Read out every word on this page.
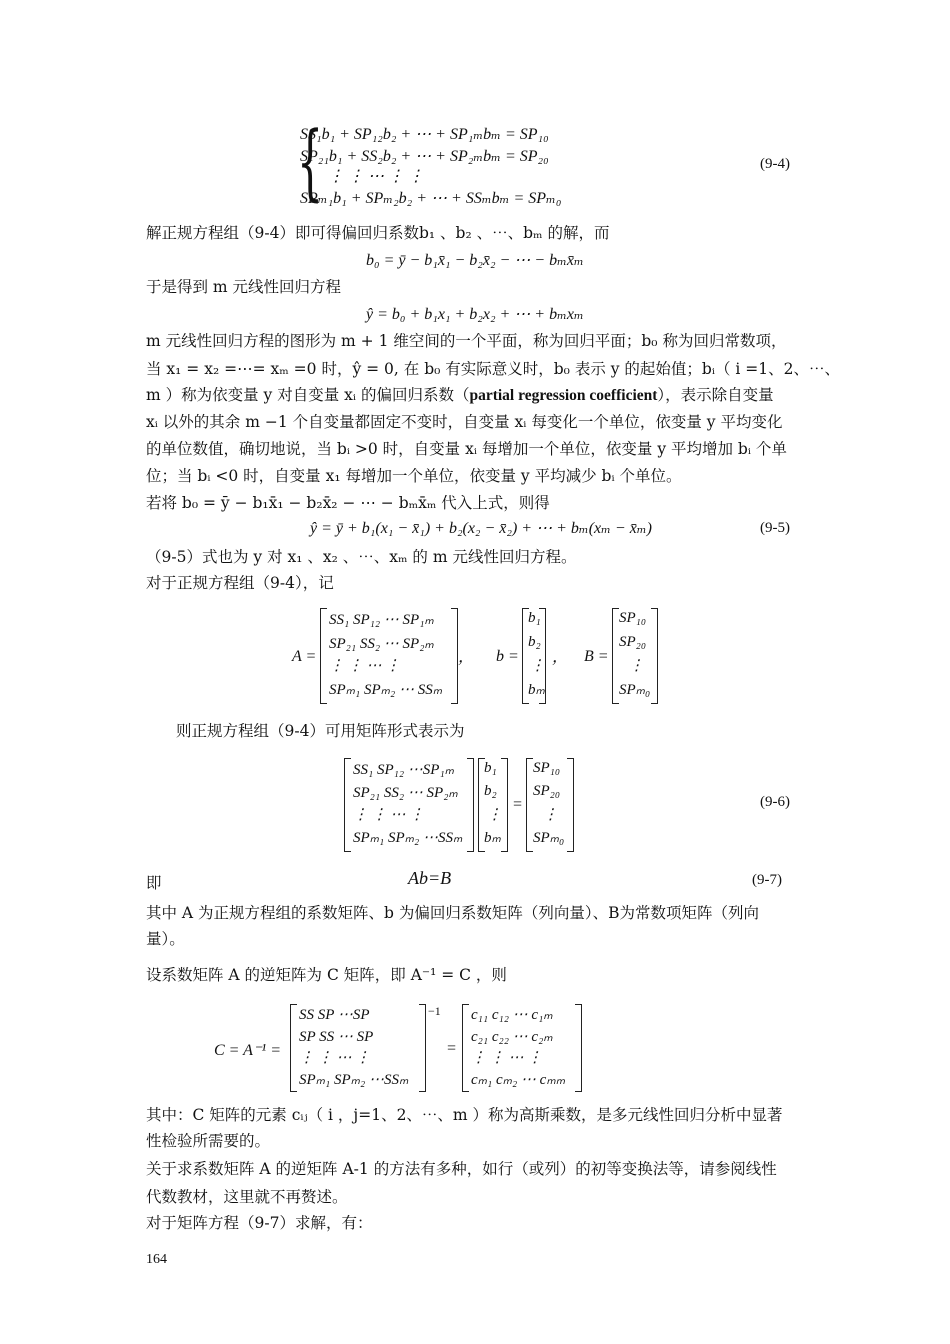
{
SS₁b₁ + SP₁₂b₂ + ⋯ + SP₁ₘbₘ = SP₁₀
SP₂₁b₁ + SS₂b₂ + ⋯ + SP₂ₘbₘ = SP₂₀
⋮ ⋮ ⋯ ⋮ ⋮
SPₘ₁b₁ + SPₘ₂b₂ + ⋯ + SSₘbₘ = SPₘ₀
(9-4)
解正规方程组（9-4）即可得偏回归系数b₁ 、b₂ 、⋯、bₘ 的解，而
b₀ = ȳ − b₁x̄₁ − b₂x̄₂ − ⋯ − bₘx̄ₘ
于是得到 m 元线性回归方程
ŷ = b₀ + b₁x₁ + b₂x₂ + ⋯ + bₘxₘ
m 元线性回归方程的图形为 m + 1 维空间的一个平面，称为回归平面；b₀ 称为回归常数项，
当 x₁ = x₂ =⋯= xₘ =0 时，ŷ = 0, 在 b₀ 有实际意义时，b₀ 表示 y 的起始值；bᵢ（ i =1、2、⋯、
m ）称为依变量 y 对自变量 xᵢ 的偏回归系数（partial regression coefficient），表示除自变量
xᵢ 以外的其余 m −1 个自变量都固定不变时，自变量 xᵢ 每变化一个单位，依变量 y 平均变化
的单位数值，确切地说，当 bᵢ >0 时，自变量 xᵢ 每增加一个单位，依变量 y 平均增加 bᵢ 个单
位；当 bᵢ <0 时，自变量 x₁ 每增加一个单位，依变量 y 平均减少 bᵢ 个单位。
若将 b₀ = ȳ − b₁x̄₁ − b₂x̄₂ − ⋯ − bₘx̄ₘ 代入上式，则得
ŷ = ȳ + b₁(x₁ − x̄₁) + b₂(x₂ − x̄₂) + ⋯ + bₘ(xₘ − x̄ₘ)	(9-5)
（9-5）式也为 y 对 x₁ 、x₂ 、⋯、xₘ 的 m 元线性回归方程。
对于正规方程组（9-4），记
A =
SS₁ SP₁₂ ⋯ SP₁ₘ
SP₂₁ SS₂ ⋯ SP₂ₘ
⋮ ⋮ ⋯ ⋮
SPₘ₁ SPₘ₂ ⋯ SSₘ
， b =
b₁
b₂
⋮
bₘ
， B =
SP₁₀
SP₂₀
⋮
SPₘ₀
则正规方程组（9-4）可用矩阵形式表示为
SS₁ SP₁₂ ⋯SP₁ₘ
SP₂₁ SS₂ ⋯ SP₂ₘ
⋮ ⋮ ⋯ ⋮
SPₘ₁ SPₘ₂ ⋯SSₘ
b₁
b₂
⋮
bₘ
=
SP₁₀
SP₂₀
⋮
SPₘ₀
(9-6)
即	Ab=B	(9-7)
其中 A 为正规方程组的系数矩阵、b 为偏回归系数矩阵（列向量）、B为常数项矩阵（列向
量）。
设系数矩阵 A 的逆矩阵为 C 矩阵，即 A⁻¹ = C ，则
C = A⁻¹ =
SS SP ⋯SP
SP SS ⋯ SP
⋮ ⋮ ⋯ ⋮
SPₘ₁ SPₘ₂ ⋯SSₘ
−1
=
c₁₁ c₁₂ ⋯ c₁ₘ
c₂₁ c₂₂ ⋯ c₂ₘ
⋮ ⋮ ⋯ ⋮
cₘ₁ cₘ₂ ⋯ cₘₘ
其中：C 矩阵的元素 cᵢⱼ（ i ，j=1、2、⋯、m ）称为高斯乘数，是多元线性回归分析中显著
性检验所需要的。
关于求系数矩阵 A 的逆矩阵 A-1 的方法有多种，如行（或列）的初等变换法等，请参阅线性
代数教材，这里就不再赘述。
对于矩阵方程（9-7）求解，有：
164
